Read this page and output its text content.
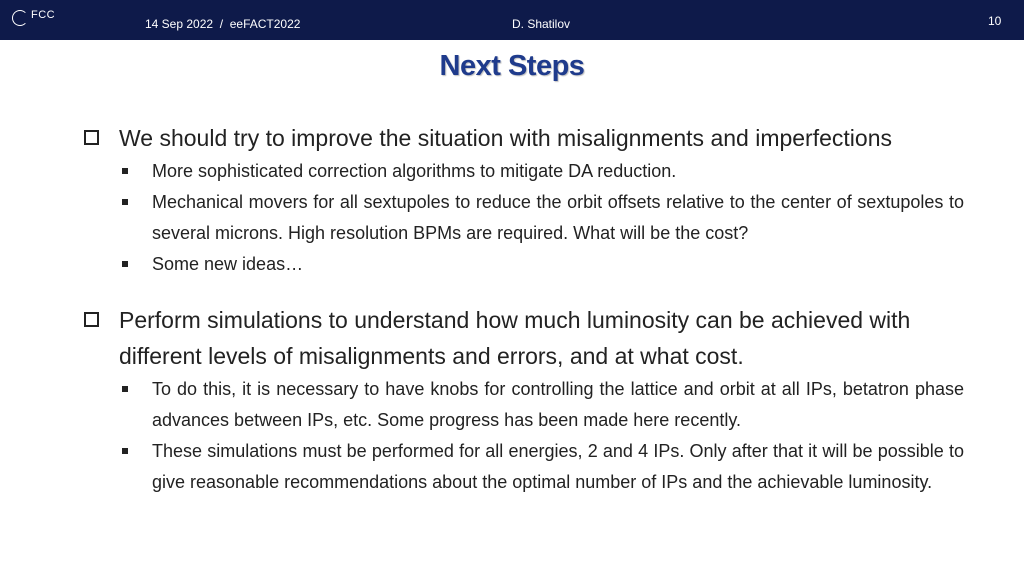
FCC
14 Sep 2022  /  eeFACT2022	D. Shatilov	10
Next Steps
We should try to improve the situation with misalignments and imperfections
More sophisticated correction algorithms to mitigate DA reduction.
Mechanical movers for all sextupoles to reduce the orbit offsets relative to the center of sextupoles to several microns. High resolution BPMs are required. What will be the cost?
Some new ideas…
Perform simulations to understand how much luminosity can be achieved with different levels of misalignments and errors, and at what cost.
To do this, it is necessary to have knobs for controlling the lattice and orbit at all IPs, betatron phase advances between IPs, etc. Some progress has been made here recently.
These simulations must be performed for all energies, 2 and 4 IPs. Only after that it will be possible to give reasonable recommendations about the optimal number of IPs and the achievable luminosity.
